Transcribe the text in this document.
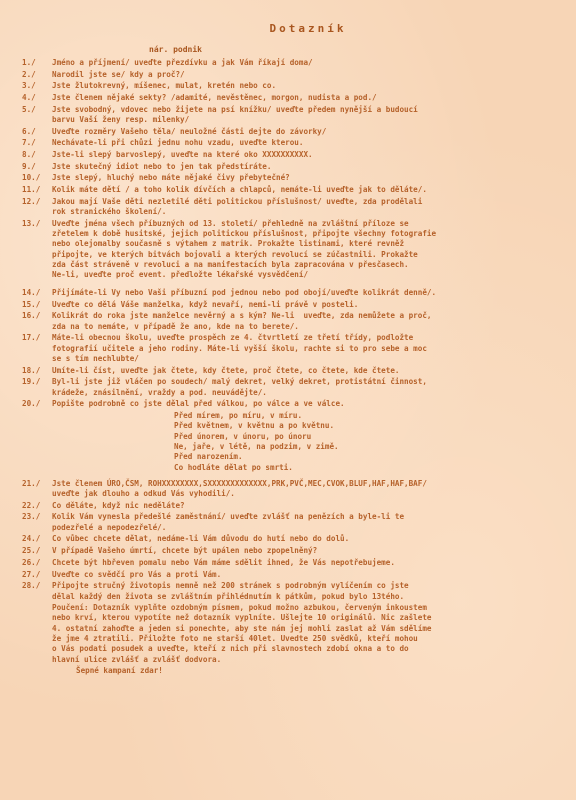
Dotazník
nár. podnik
1./	Jméno a příjmení/ uveďte přezdívku a jak Vám říkají doma/
2./	Narodil jste se/ kdy a proč?/
3./	Jste žlutokrevný, míšenec, mulat, kretén nebo co.
4./	Jste členem nějaké sekty? /adamité, nevěstěnec, morgon, nudista a pod./
5./	Jste svobodný, vdovec nebo žijete na psí knížku/ uveďte předem nynější a budoucí
barvu Vaší ženy resp. milenky/
6./	Uveďte rozměry Vašeho těla/ neuložné části dejte do závorky/
7./	Nechávate-li při chůzi jednu nohu vzadu, uveďte kterou.
8./	Jste-li slepý barvoslepý, uveďte na které oko XXXXXXXXXX.
9./	Jste skutečný idiot nebo to jen tak předstíráte.
10./	Jste slepý, hluchý nebo máte nějaké čivy přebytečné?
11./	Kolik máte dětí / a toho kolik dívčích a chlapců, nemáte-li uveďte jak to děláte/.
12./	Jakou mají Vaše děti nezletilé děti politickou příslušnost/ uveďte, zda prodělali
rok stranického školení/.
13./	Uveďte jména všech příbuzných od 13. století/ přehledně na zvláštní příloze se
zřetelem k době husitské, jejich politickou příslušnost, připojte všechny fotografie
nebo olejomalby současně s výtahem z matrik. Prokažte listinami, které revněž
připojte, ve kterých bitvách bojovali a kterých revolucí se zúčastnili. Prokažte
zda část stráveně v revoluci a na manifestacích byla zapracována v přesčasech.
Ne-li, uveďte proč event. předložte lékařské vysvědčení/
14./	Přijímáte-li Vy nebo Vaši příbuzní pod jednou nebo pod obojí/uveďte kolikrát denně/.
15./	Uveďte co dělá Váše manželka, když nevaří, nemi-li právě v posteli.
16./	Kolikrát do roka jste manželce nevěrný a s kým? Ne-li  uveďte, zda nemůžete a proč,
zda na to nemáte, v případě že ano, kde na to berete/.
17./	Máte-li obecnou školu, uveďte prospěch ze 4. čtvrtletí ze třetí třídy, podložte
fotografií učitele a jeho rodiny. Máte-li vyšší školu, rachte si to pro sebe a moc
se s tím nechlubte/
18./	Umíte-li číst, uveďte jak čtete, kdy čtete, proč čtete, co čtete, kde čtete.
19./	Byl-li jste již vláčen po soudech/ malý dekret, velký dekret, protistátní činnost,
krádeže, znásilnění, vraždy a pod. neuvádějte/.
20./	Popište podrobně co jste dělal před válkou, po válce a ve válce.
Před mírem, po míru, v míru.
Před květnem, v květnu a po květnu.
Před únorem, v únoru, po únoru
Ne, jaře, v létě, na podzim, v zimě.
Před narozením.
Co hodláte dělat po smrti.
21./	Jste členem ÚRO,ČSM, ROHXXXXXXXX,SXXXXXXXXXXXXX,PRK,PVČ,MEC,CVOK,BLUF,HAF,HAF,BAF/
uveďte jak dlouho a odkud Vás vyhodili/.
22./	Co děláte, když nic neděláte?
23./	Kolik Vám vynesla předešlé zaměstnání/ uveďte zvlášť na penězích a byle-li te
podezřelé a nepodezřelé/.
24./	Co vůbec chcete dělat, nedáme-li Vám důvodu do hutí nebo do dolů.
25./	V případě Vašeho úmrtí, chcete být upálen nebo zpopelněný?
26./	Chcete být hbřeven pomalu nebo Vám máme sdělit ihned, že Vás nepotřebujeme.
27./	Uveďte co svědčí pro Vás a proti Vám.
28./	Připojte stručný životopis nemně než 200 stránek s podrobným vylíčením co jste
dělal každý den života se zvláštním přihlédnutím k pátkům, pokud bylo 13tého.

Poučení: Dotazník vyplňte ozdobným písmem, pokud možno azbukou, červeným inkoustem
nebo krví, kterou vypotíte než dotazník vyplníte. Ušlejte 10 originálů. Nic zašlete
4. ostatní zahoďte a jeden si ponechte, aby ste nám jej mohli zaslat až Vám sdělíme
že jme 4 ztratili. Přiložte foto ne starší 40let. Uvedte 250 svědků, kteří mohou
o Vás podati posudek a uveďte, kteří z nich při slavnostech zdobí okna a to do
hlavní ulice zvlášť a zvlášť dodvora.

Šepné kampaní zdar!
